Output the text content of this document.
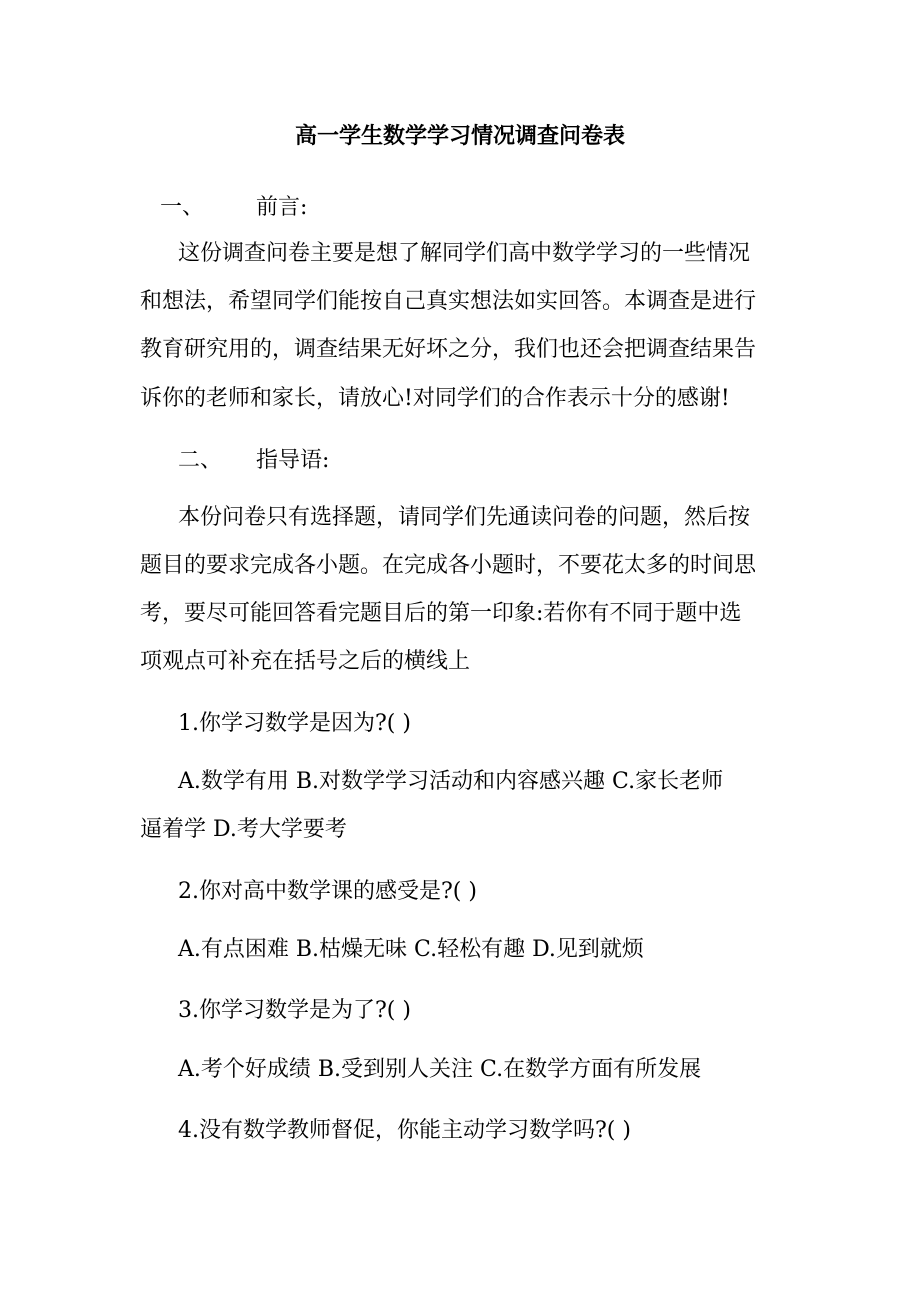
高一学生数学学习情况调查问卷表
一、 前言:
这份调查问卷主要是想了解同学们高中数学学习的一些情况
和想法，希望同学们能按自己真实想法如实回答。本调查是进行
教育研究用的，调查结果无好坏之分，我们也还会把调查结果告
诉你的老师和家长，请放心!对同学们的合作表示十分的感谢!
二、 指导语:
本份问卷只有选择题，请同学们先通读问卷的问题，然后按
题目的要求完成各小题。在完成各小题时，不要花太多的时间思
考，要尽可能回答看完题目后的第一印象:若你有不同于题中选
项观点可补充在括号之后的横线上
1.你学习数学是因为?( )
A.数学有用 B.对数学学习活动和内容感兴趣 C.家长老师
逼着学 D.考大学要考
2.你对高中数学课的感受是?( )
A.有点困难 B.枯燥无味 C.轻松有趣 D.见到就烦
3.你学习数学是为了?( )
A.考个好成绩 B.受到别人关注 C.在数学方面有所发展
4.没有数学教师督促，你能主动学习数学吗?( )
